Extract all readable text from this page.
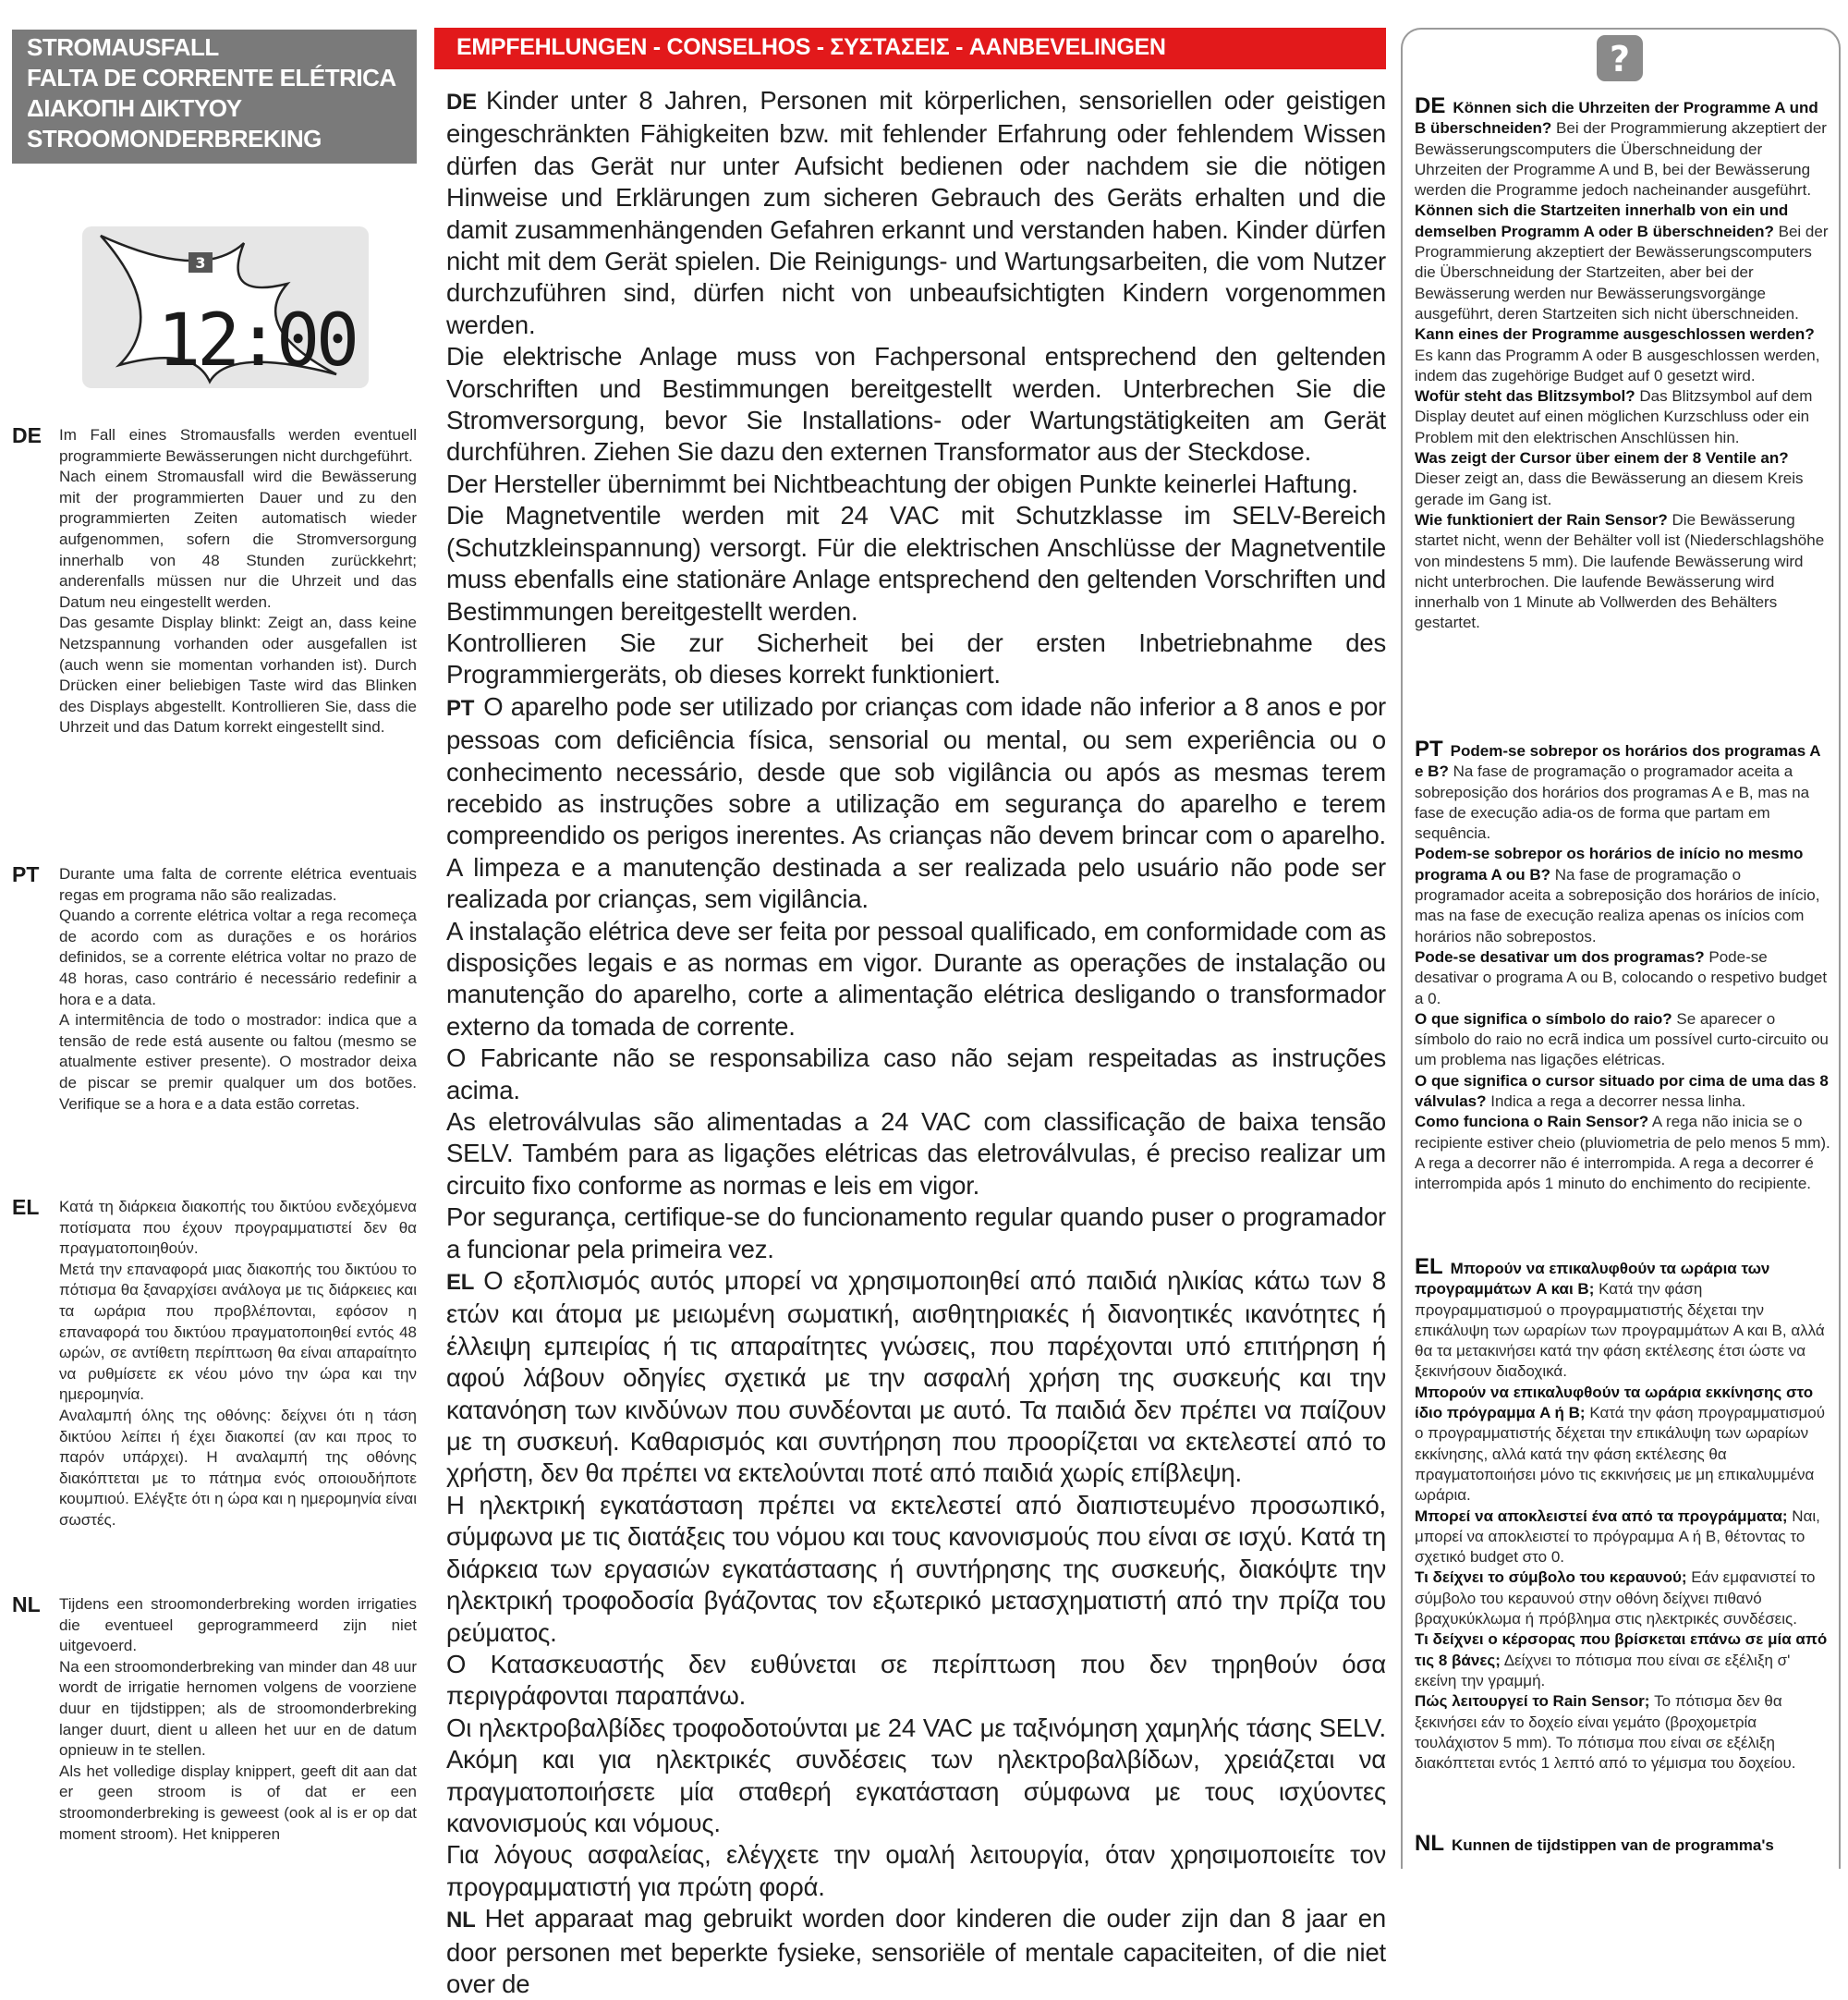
STROMAUSFALL
FALTA DE CORRENTE ELÉTRICA
ΔΙΑΚΟΠΗ ΔΙΚΤΥΟΥ
STROOMONDERBREKING
3
12:00
DE Im Fall eines Stromausfalls werden eventuell programmierte Bewässerungen nicht durchgeführt.
Nach einem Stromausfall wird die Bewässerung mit der programmierten Dauer und zu den programmierten Zeiten automatisch wieder aufgenommen, sofern die Stromversorgung innerhalb von 48 Stunden zurückkehrt; anderenfalls müssen nur die Uhrzeit und das Datum neu eingestellt werden.
Das gesamte Display blinkt: Zeigt an, dass keine Netzspannung vorhanden oder ausgefallen ist (auch wenn sie momentan vorhanden ist). Durch Drücken einer beliebigen Taste wird das Blinken des Displays abgestellt. Kontrollieren Sie, dass die Uhrzeit und das Datum korrekt eingestellt sind.
PT Durante uma falta de corrente elétrica eventuais regas em programa não são realizadas.
Quando a corrente elétrica voltar a rega recomeça de acordo com as durações e os horários definidos, se a corrente elétrica voltar no prazo de 48 horas, caso contrário é necessário redefinir a hora e a data.
A intermitência de todo o mostrador: indica que a tensão de rede está ausente ou faltou (mesmo se atualmente estiver presente). O mostrador deixa de piscar se premir qualquer um dos botões. Verifique se a hora e a data estão corretas.
EL Κατά τη διάρκεια διακοπής του δικτύου ενδεχόμενα ποτίσματα που έχουν προγραμματιστεί δεν θα πραγματοποιηθούν.
Μετά την επαναφορά μιας διακοπής του δικτύου το πότισμα θα ξαναρχίσει ανάλογα με τις διάρκειες και τα ωράρια που προβλέπονται, εφόσον η επαναφορά του δικτύου πραγματοποιηθεί εντός 48 ωρών, σε αντίθετη περίπτωση θα είναι απαραίτητο να ρυθμίσετε εκ νέου μόνο την ώρα και την ημερομηνία.
Αναλαμπή όλης της οθόνης: δείχνει ότι η τάση δικτύου λείπει ή έχει διακοπεί (αν και προς το παρόν υπάρχει). Η αναλαμπή της οθόνης διακόπτεται με το πάτημα ενός οποιουδήποτε κουμπιού. Ελέγξτε ότι η ώρα και η ημερομηνία είναι σωστές.
NL Tijdens een stroomonderbreking worden irrigaties die eventueel geprogrammeerd zijn niet uitgevoerd.
Na een stroomonderbreking van minder dan 48 uur wordt de irrigatie hernomen volgens de voorziene duur en tijdstippen; als de stroomonderbreking langer duurt, dient u alleen het uur en de datum opnieuw in te stellen.
Als het volledige display knippert, geeft dit aan dat er geen stroom is of dat er een stroomonderbreking is geweest (ook al is er op dat moment stroom). Het knipperen
EMPFEHLUNGEN - CONSELHOS - ΣΥΣΤΑΣΕΙΣ - AANBEVELINGEN

DE Kinder unter 8 Jahren, Personen mit körperlichen, sensoriellen oder geistigen eingeschränkten Fähigkeiten bzw. mit fehlender Erfahrung oder fehlendem Wissen dürfen das Gerät nur unter Aufsicht bedienen oder nachdem sie die nötigen Hinweise und Erklärungen zum sicheren Gebrauch des Geräts erhalten und die damit zusammenhängenden Gefahren erkannt und verstanden haben. Kinder dürfen nicht mit dem Gerät spielen. Die Reinigungs- und Wartungsarbeiten, die vom Nutzer durchzuführen sind, dürfen nicht von unbeaufsichtigten Kindern vorgenommen werden.

Die elektrische Anlage muss von Fachpersonal entsprechend den geltenden Vorschriften und Bestimmungen bereitgestellt werden. Unterbrechen Sie die Stromversorgung, bevor Sie Installations- oder Wartungstätigkeiten am Gerät durchführen. Ziehen Sie dazu den externen Transformator aus der Steckdose.

Der Hersteller übernimmt bei Nichtbeachtung der obigen Punkte keinerlei Haftung.

Die Magnetventile werden mit 24 VAC mit Schutzklasse im SELV-Bereich (Schutzkleinspannung) versorgt. Für die elektrischen Anschlüsse der Magnetventile muss ebenfalls eine stationäre Anlage entsprechend den geltenden Vorschriften und Bestimmungen bereitgestellt werden.

Kontrollieren Sie zur Sicherheit bei der ersten Inbetriebnahme des Programmiergeräts, ob dieses korrekt funktioniert.

PT O aparelho pode ser utilizado por crianças com idade não inferior a 8 anos e por pessoas com deficiência física, sensorial ou mental, ou sem experiência ou o conhecimento necessário, desde que sob vigilância ou após as mesmas terem recebido as instruções sobre a utilização em segurança do aparelho e terem compreendido os perigos inerentes. As crianças não devem brincar com o aparelho. A limpeza e a manutenção destinada a ser realizada pelo usuário não pode ser realizada por crianças, sem vigilância.

A instalação elétrica deve ser feita por pessoal qualificado, em conformidade com as disposições legais e as normas em vigor. Durante as operações de instalação ou manutenção do aparelho, corte a alimentação elétrica desligando o transformador externo da tomada de corrente.

O Fabricante não se responsabiliza caso não sejam respeitadas as instruções acima.

As eletroválvulas são alimentadas a 24 VAC com classificação de baixa tensão SELV. Também para as ligações elétricas das eletroválvulas, é preciso realizar um circuito fixo conforme as normas e leis em vigor.

Por segurança, certifique-se do funcionamento regular quando puser o programador a funcionar pela primeira vez.

EL Ο εξοπλισμός αυτός μπορεί να χρησιμοποιηθεί από παιδιά ηλικίας κάτω των 8 ετών και άτομα με μειωμένη σωματική, αισθητηριακές ή διανοητικές ικανότητες ή έλλειψη εμπειρίας ή τις απαραίτητες γνώσεις, που παρέχονται υπό επιτήρηση ή αφού λάβουν οδηγίες σχετικά με την ασφαλή χρήση της συσκευής και την κατανόηση των κινδύνων που συνδέονται με αυτό. Τα παιδιά δεν πρέπει να παίζουν με τη συσκευή. Καθαρισμός και συντήρηση που προορίζεται να εκτελεστεί από το χρήστη, δεν θα πρέπει να εκτελούνται ποτέ από παιδιά χωρίς επίβλεψη.

Η ηλεκτρική εγκατάσταση πρέπει να εκτελεστεί από διαπιστευμένο προσωπικό, σύμφωνα με τις διατάξεις του νόμου και τους κανονισμούς που είναι σε ισχύ. Κατά τη διάρκεια των εργασιών εγκατάστασης ή συντήρησης της συσκευής, διακόψτε την ηλεκτρική τροφοδοσία βγάζοντας τον εξωτερικό μετασχηματιστή από την πρίζα του ρεύματος.

Ο Κατασκευαστής δεν ευθύνεται σε περίπτωση που δεν τηρηθούν όσα περιγράφονται παραπάνω.

Οι ηλεκτροβαλβίδες τροφοδοτούνται με 24 VAC με ταξινόμηση χαμηλής τάσης SELV. Ακόμη και για ηλεκτρικές συνδέσεις των ηλεκτροβαλβίδων, χρειάζεται να πραγματοποιήσετε μία σταθερή εγκατάσταση σύμφωνα με τους ισχύοντες κανονισμούς και νόμους.

Για λόγους ασφαλείας, ελέγχετε την ομαλή λειτουργία, όταν χρησιμοποιείτε τον προγραμματιστή για πρώτη φορά.

NL Het apparaat mag gebruikt worden door kinderen die ouder zijn dan 8 jaar en door personen met beperkte fysieke, sensoriële of mentale capaciteiten, of die niet over de

?

DE Können sich die Uhrzeiten der Programme A und B überschneiden? Bei der Programmierung akzeptiert der Bewässerungscomputers die Überschneidung der Uhrzeiten der Programme A und B, bei der Bewässerung werden die Programme jedoch nacheinander ausgeführt.

Können sich die Startzeiten innerhalb von ein und demselben Programm A oder B überschneiden? Bei der Programmierung akzeptiert der Bewässerungscomputers die Überschneidung der Startzeiten, aber bei der Bewässerung werden nur Bewässerungsvorgänge ausgeführt, deren Startzeiten sich nicht überschneiden.

Kann eines der Programme ausgeschlossen werden? Es kann das Programm A oder B ausgeschlossen werden, indem das zugehörige Budget auf 0 gesetzt wird.

Wofür steht das Blitzsymbol? Das Blitzsymbol auf dem Display deutet auf einen möglichen Kurzschluss oder ein Problem mit den elektrischen Anschlüssen hin.

Was zeigt der Cursor über einem der 8 Ventile an? Dieser zeigt an, dass die Bewässerung an diesem Kreis gerade im Gang ist.

Wie funktioniert der Rain Sensor? Die Bewässerung startet nicht, wenn der Behälter voll ist (Niederschlagshöhe von mindestens 5 mm). Die laufende Bewässerung wird nicht unterbrochen. Die laufende Bewässerung wird innerhalb von 1 Minute ab Vollwerden des Behälters gestartet.

PT Podem-se sobrepor os horários dos programas A e B? Na fase de programação o programador aceita a sobreposição dos horários dos programas A e B, mas na fase de execução adia-os de forma que partam em sequência.

Podem-se sobrepor os horários de início no mesmo programa A ou B? Na fase de programação o programador aceita a sobreposição dos horários de início, mas na fase de execução realiza apenas os inícios com horários não sobrepostos.

Pode-se desativar um dos programas? Pode-se desativar o programa A ou B, colocando o respetivo budget a 0.

O que significa o símbolo do raio? Se aparecer o símbolo do raio no ecrã indica um possível curto-circuito ou um problema nas ligações elétricas.

O que significa o cursor situado por cima de uma das 8 válvulas? Indica a rega a decorrer nessa linha.

Como funciona o Rain Sensor? A rega não inicia se o recipiente estiver cheio (pluviometria de pelo menos 5 mm). A rega a decorrer não é interrompida. A rega a decorrer é interrompida após 1 minuto do enchimento do recipiente.

EL Μπορούν να επικαλυφθούν τα ωράρια των προγραμμάτων A και B; Κατά την φάση προγραμματισμού ο προγραμματιστής δέχεται την επικάλυψη των ωραρίων των προγραμμάτων A και B, αλλά θα τα μετακινήσει κατά την φάση εκτέλεσης έτσι ώστε να ξεκινήσουν διαδοχικά.

Μπορούν να επικαλυφθούν τα ωράρια εκκίνησης στο ίδιο πρόγραμμα A ή B; Κατά την φάση προγραμματισμού ο προγραμματιστής δέχεται την επικάλυψη των ωραρίων εκκίνησης, αλλά κατά την φάση εκτέλεσης θα πραγματοποιήσει μόνο τις εκκινήσεις με μη επικαλυμμένα ωράρια.

Μπορεί να αποκλειστεί ένα από τα προγράμματα; Ναι, μπορεί να αποκλειστεί το πρόγραμμα A ή B, θέτοντας το σχετικό budget στο 0.

Τι δείχνει το σύμβολο του κεραυνού; Εάν εμφανιστεί το σύμβολο του κεραυνού στην οθόνη δείχνει πιθανό βραχυκύκλωμα ή πρόβλημα στις ηλεκτρικές συνδέσεις.

Τι δείχνει ο κέρσορας που βρίσκεται επάνω σε μία από τις 8 βάνες; Δείχνει το πότισμα που είναι σε εξέλιξη σ' εκείνη την γραμμή.

Πώς λειτουργεί το Rain Sensor; Το πότισμα δεν θα ξεκινήσει εάν το δοχείο είναι γεμάτο (βροχομετρία τουλάχιστον 5 mm). Το πότισμα που είναι σε εξέλιξη διακόπτεται εντός 1 λεπτό από το γέμισμα του δοχείου.

NL Kunnen de tijdstippen van de programma's
